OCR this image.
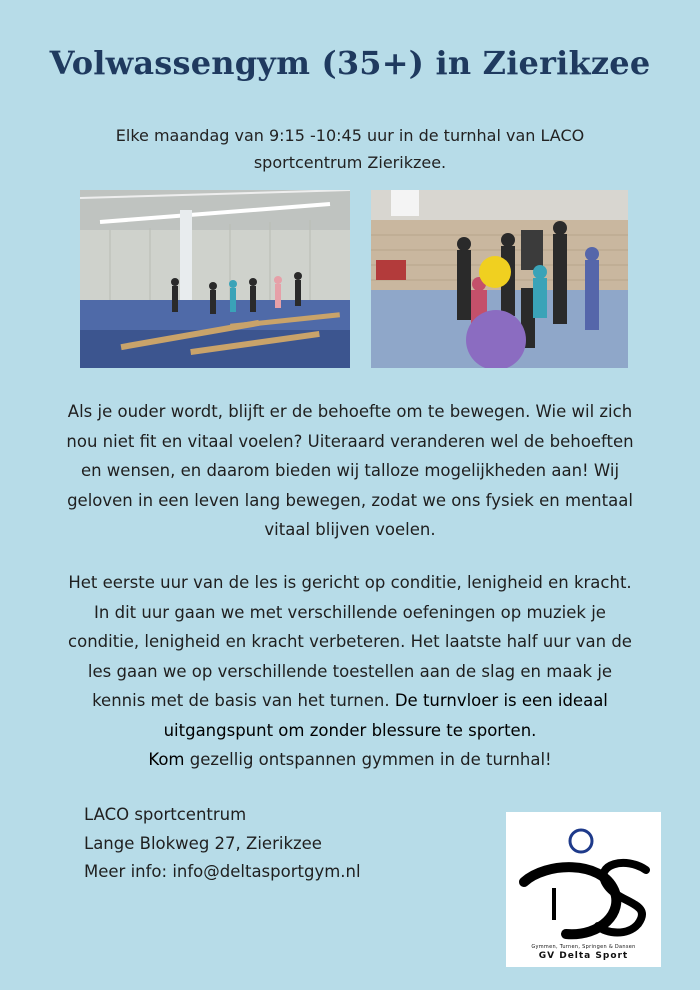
Volwassengym (35+) in Zierikzee
Elke maandag van 9:15 -10:45 uur in de turnhal van LACO sportcentrum Zierikzee.
Als je ouder wordt, blijft er de behoefte om te bewegen. Wie wil zich nou niet fit en vitaal voelen? Uiteraard veranderen wel de behoeften en wensen, en daarom bieden wij talloze mogelijkheden aan! Wij geloven in een leven lang bewegen, zodat we ons fysiek en mentaal vitaal blijven voelen.
Het eerste uur van de les is gericht op conditie, lenigheid en kracht. In dit uur gaan we met verschillende oefeningen op muziek je conditie, lenigheid en kracht verbeteren. Het laatste half uur van de les gaan we op verschillende toestellen aan de slag en maak je kennis met de basis van het turnen. De turnvloer is een ideaal uitgangspunt om zonder blessure te sporten.
Kom gezellig ontspannen gymmen in de turnhal!
LACO sportcentrum
Lange Blokweg 27, Zierikzee
Meer info: info@deltasportgym.nl
Gymmen, Turnen, Springen & Dansen
GV Delta Sport
